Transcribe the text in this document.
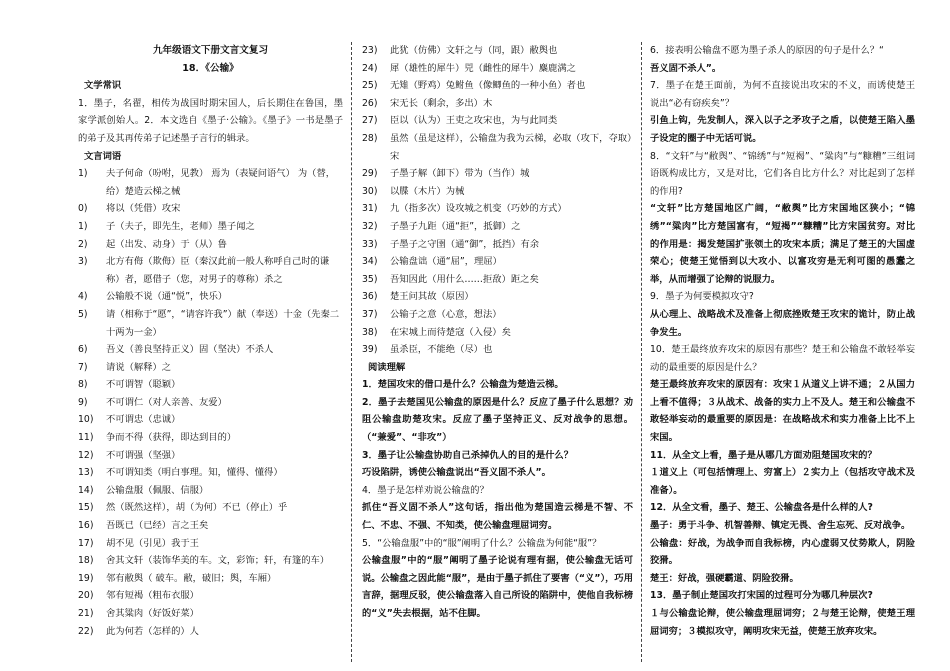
九年级语文下册文言文复习
18．《公输》
文学常识
1．墨子，名翟，相传为战国时期宋国人，后长期住在鲁国，墨家学派创始人。2．本文选自《墨子·公输》。《墨子》一书是墨子的弟子及其再传弟子记述墨子言行的辑录。
文言词语
1) 夫子何命（吩咐，见教） 焉为（表疑问语气） 为（替，给）楚造云梯之械
0) 将以（凭借）攻宋
1) 子（夫子，即先生，老师）墨子闻之
2) 起（出发、动身）于（从）鲁
3) 北方有侮（欺侮）臣（秦汉此前一般人称呼自己时的谦称）者，愿借子（您，对男子的尊称）杀之
4) 公输般不说（通“悦”，快乐）
5) 请（相称于“愿”，“请容许我”）献（奉送）十金（先秦二十两为一金）
6) 吾义（善良坚持正义）固（坚决）不杀人
7) 请说（解释）之
8) 不可谓智（聪颖）
9) 不可谓仁（对人亲善、友爱）
10) 不可谓忠（忠诚）
11) 争而不得（获得，即达到目的）
12) 不可谓强（坚强）
13) 不可谓知类（明白事理。知，懂得、懂得）
14) 公输盘服（佩服、信服）
15) 然（既然这样），胡（为何）不已（停止）乎
16) 吾既已（已经）言之王矣
17) 胡不见（引见）我于王
18) 舍其文轩（装饰华美的车。文，彩饰；轩，有篷的车）
19) 邻有敝舆（ 破车。敝，破旧；舆，车厢）
20) 邻有短褐（粗布衣服）
21) 舍其粱肉（好饭好菜）
22) 此为何若（怎样的）人
23) 此犹（仿佛）文轩之与（同，跟）敝舆也
24) 犀（雄性的犀牛）兕（雌性的犀牛）麋鹿满之
25) 无雉（野鸡）兔鲋鱼（像鲫鱼的一种小鱼）者也
26) 宋无长（剩余，多出）木
27) 臣以（认为）王吏之攻宋也，为与此同类
28) 虽然（虽是这样），公输盘为我为云梯，必取（攻下，夺取）宋
29) 子墨子解（卸下）带为（当作）城
30) 以牒（木片）为械
31) 九（指多次）设攻城之机变（巧妙的方式）
32) 子墨子九距（通“拒”，抵御）之
33) 子墨子之守圉（通“御”，抵挡）有余
34) 公输盘诎（通“屈”，理屈）
35) 吾知因此（用什么……拒敌）距之矣
36) 楚王问其故（原因）
37) 公输子之意（心意，想法）
38) 在宋城上而待楚寇（入侵）矣
39) 虽杀臣，不能绝（尽）也
阅读理解
1．楚国攻宋的借口是什么？公输盘为楚造云梯。
2．墨子去楚国见公输盘的原因是什么？反应了墨子什么思想？劝阻公输盘助楚攻宋。反应了墨子坚持正义、反对战争的思想。（“兼爱”、“非攻”）
3．墨子让公输盘协助自己杀掉仇人的目的是什么？
巧设陷阱，诱使公输盘说出“吾义固不杀人”。
4．墨子是怎样劝说公输盘的？
抓住“吾义固不杀人”这句话，指出他为楚国造云梯是不智、不仁、不忠、不强、不知类，使公输盘理屈词穷。
5．“公输盘服”中的“服”阐明了什么？公输盘为何能“服”？
公输盘服”中的“服”阐明了墨子论说有理有据，使公输盘无话可说。公输盘之因此能“服”，是由于墨子抓住了要害（“义”），巧用言辞，据理反驳，使公输盘落入自己所设的陷阱中，使他自我标榜的“义”失去根据，站不住脚。
6．接表明公输盘不愿为墨子杀人的原因的句子是什么？“
吾义固不杀人”。
7．墨子在楚王面前，为何不直接说出攻宋的不义，而诱使楚王说出“必有窃疾矣”？
引鱼上钩，先发制人，深入以子之矛攻子之盾，以使楚王陷入墨子设定的圈子中无话可说。
8．“文轩”与“敝舆”、“锦绣”与“短褐”、“粱肉”与“糠糟”三组词语既构成比方，又是对比，它们各自比方什么？对比起到了怎样的作用?
“文轩”比方楚国地区广阔，“敝舆”比方宋国地区狭小；“锦绣”“粱肉”比方楚国富有，“短褐”“糠糟”比方宋国贫穷。对比的作用是：揭发楚国扩张领土的攻宋本质；满足了楚王的大国虚荣心；使楚王觉悟到以大攻小、以富攻穷是无利可图的愚蠢之举，从而增强了论辩的说服力。
9．墨子为何要模拟攻守?
从心理上、战略战术及准备上彻底挫败楚王攻宋的诡计，防止战争发生。
10．楚王最终放弃攻宋的原因有那些？楚王和公输盘不敢轻举妄动的最重要的原因是什么？
楚王最终放弃攻宋的原因有：攻宋１从道义上讲不通；２从国力上看不值得；３从战术、战备的实力上不及人。楚王和公输盘不敢轻举妄动的最重要的原因是：在战略战术和实力准备上比不上宋国。
11．从全文上看，墨子是从哪几方面劝阻楚国攻宋的？
１道义上（可包括情理上、穷富上）２实力上（包括攻守战术及准备）。
12．从全文看，墨子、楚王、公输盘各是什么样的人?
墨子：勇于斗争、机智善辩、镇定无畏、舍生忘死、反对战争。
公输盘：好战，为战争而自我标榜，内心虚弱又仗势欺人，阴险狡猾。
楚王：好战，强硬霸道、阴险狡猾。
13．墨子制止楚国攻打宋国的过程可分为哪几种层次?
１与公输盘论辩，使公输盘理屈词穷；２与楚王论辩，使楚王理屈词穷；３模拟攻守，阐明攻宋无益，使楚王放弃攻宋。
